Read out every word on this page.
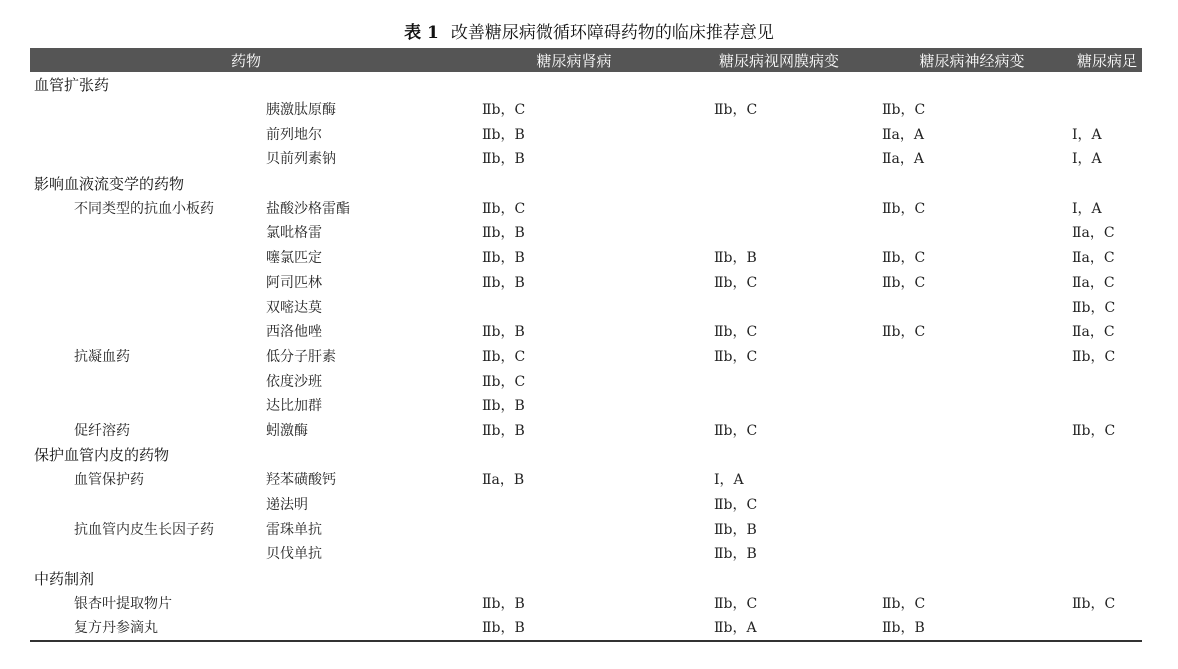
表 1 改善糖尿病微循环障碍药物的临床推荐意见
药物		糖尿病肾病	糖尿病视网膜病变	糖尿病神经病变	糖尿病足
血管扩张药					
	胰激肽原酶	Ⅱb，C	Ⅱb，C	Ⅱb，C	
	前列地尔	Ⅱb，B		Ⅱa，A	Ⅰ，A
	贝前列素钠	Ⅱb，B		Ⅱa，A	Ⅰ，A
影响血液流变学的药物					
不同类型的抗血小板药	盐酸沙格雷酯	Ⅱb，C		Ⅱb，C	Ⅰ，A
	氯吡格雷	Ⅱb，B			Ⅱa，C
	噻氯匹定	Ⅱb，B	Ⅱb，B	Ⅱb，C	Ⅱa，C
	阿司匹林	Ⅱb，B	Ⅱb，C	Ⅱb，C	Ⅱa，C
	双嘧达莫				Ⅱb，C
	西洛他唑	Ⅱb，B	Ⅱb，C	Ⅱb，C	Ⅱa，C
抗凝血药	低分子肝素	Ⅱb，C	Ⅱb，C		Ⅱb，C
	依度沙班	Ⅱb，C			
	达比加群	Ⅱb，B			
促纤溶药	蚓激酶	Ⅱb，B	Ⅱb，C		Ⅱb，C
保护血管内皮的药物					
血管保护药	羟苯磺酸钙	Ⅱa，B	Ⅰ，A		
	递法明		Ⅱb，C		
抗血管内皮生长因子药	雷珠单抗		Ⅱb，B		
	贝伐单抗		Ⅱb，B		
中药制剂					
银杏叶提取物片		Ⅱb，B	Ⅱb，C	Ⅱb，C	Ⅱb，C
复方丹参滴丸		Ⅱb，B	Ⅱb，A	Ⅱb，B	
